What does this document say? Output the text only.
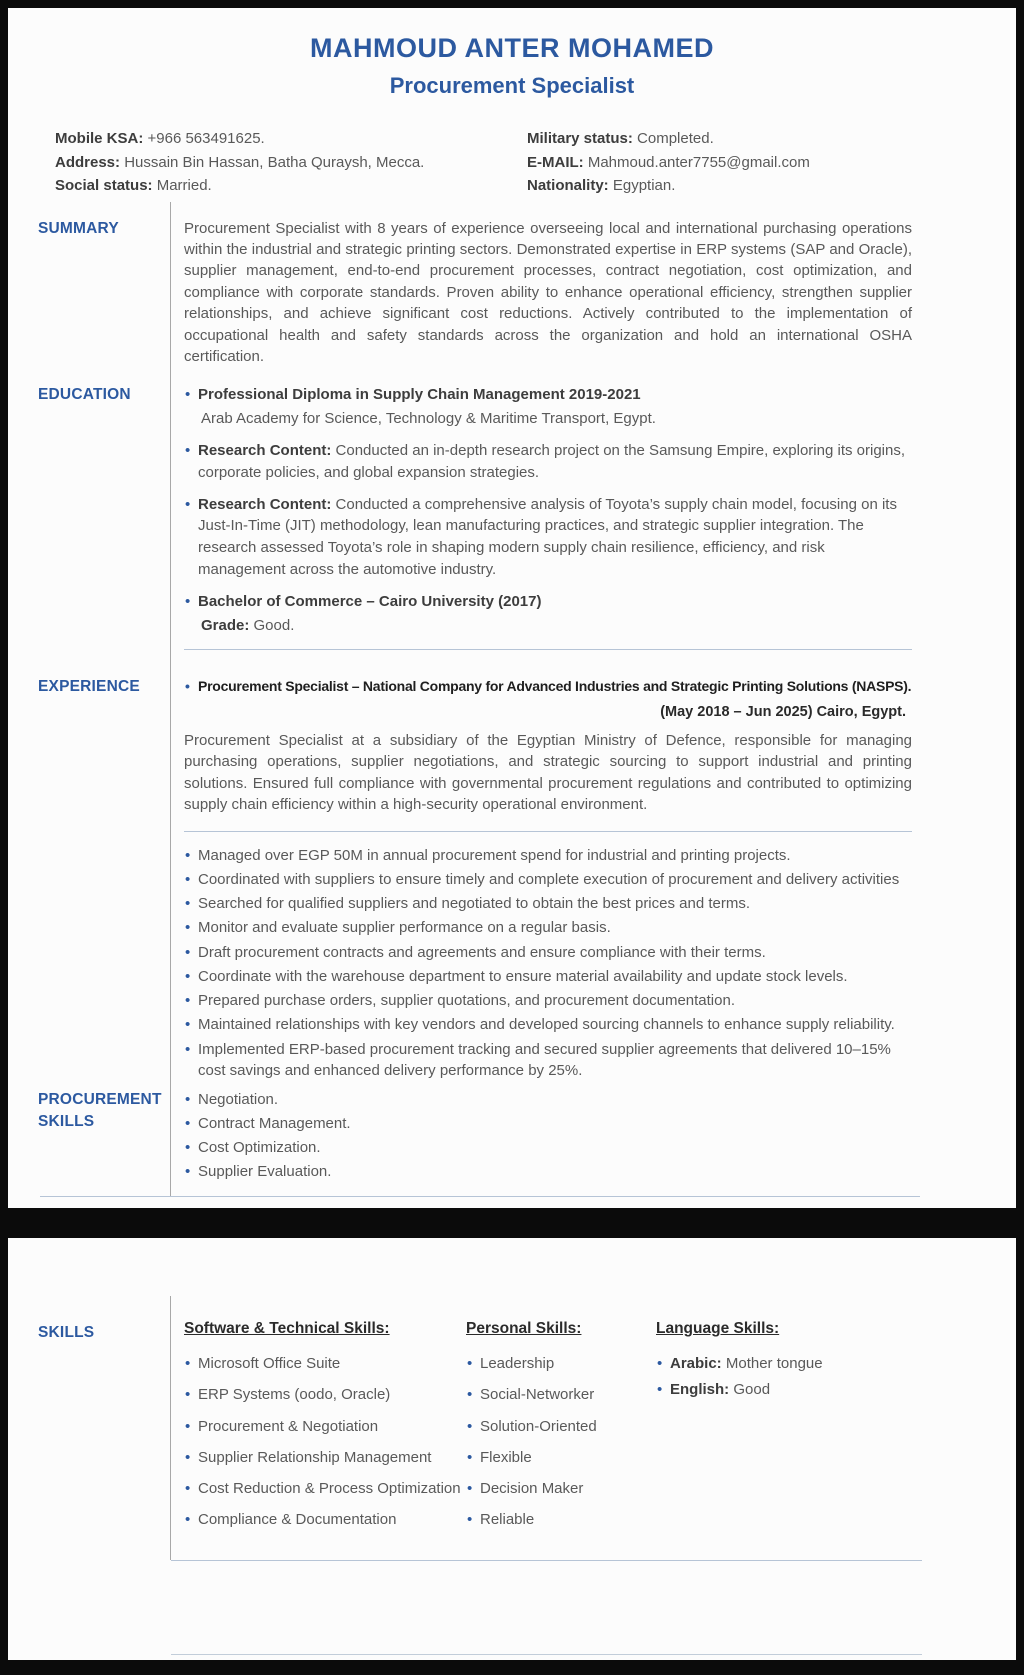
MAHMOUD ANTER MOHAMED
Procurement Specialist
Mobile KSA: +966 563491625.
Address: Hussain Bin Hassan, Batha Quraysh, Mecca.
Social status: Married.
Military status: Completed.
E-MAIL: Mahmoud.anter7755@gmail.com
Nationality: Egyptian.
SUMMARY	Procurement Specialist with 8 years of experience overseeing local and international purchasing operations within the industrial and strategic printing sectors. Demonstrated expertise in ERP systems (SAP and Oracle), supplier management, end-to-end procurement processes, contract negotiation, cost optimization, and compliance with corporate standards. Proven ability to enhance operational efficiency, strengthen supplier relationships, and achieve significant cost reductions. Actively contributed to the implementation of occupational health and safety standards across the organization and hold an international OSHA certification.

EDUCATION	• Professional Diploma in Supply Chain Management 2019-2021
Arab Academy for Science, Technology & Maritime Transport, Egypt.
• Research Content: Conducted an in-depth research project on the Samsung Empire, exploring its origins, corporate policies, and global expansion strategies.
• Research Content: Conducted a comprehensive analysis of Toyota’s supply chain model, focusing on its Just-In-Time (JIT) methodology, lean manufacturing practices, and strategic supplier integration. The research assessed Toyota’s role in shaping modern supply chain resilience, efficiency, and risk management across the automotive industry.
• Bachelor of Commerce – Cairo University (2017)
Grade: Good.
EXPERIENCE	• Procurement Specialist – National Company for Advanced Industries and Strategic Printing Solutions (NASPS).
(May 2018 – Jun 2025) Cairo, Egypt.

Procurement Specialist at a subsidiary of the Egyptian Ministry of Defence, responsible for managing purchasing operations, supplier negotiations, and strategic sourcing to support industrial and printing solutions. Ensured full compliance with governmental procurement regulations and contributed to optimizing supply chain efficiency within a high-security operational environment.

• Managed over EGP 50M in annual procurement spend for industrial and printing projects.
• Coordinated with suppliers to ensure timely and complete execution of procurement and delivery activities
• Searched for qualified suppliers and negotiated to obtain the best prices and terms.
• Monitor and evaluate supplier performance on a regular basis.
• Draft procurement contracts and agreements and ensure compliance with their terms.
• Coordinate with the warehouse department to ensure material availability and update stock levels.
• Prepared purchase orders, supplier quotations, and procurement documentation.
• Maintained relationships with key vendors and developed sourcing channels to enhance supply reliability.
• Implemented ERP-based procurement tracking and secured supplier agreements that delivered 10–15% cost savings and enhanced delivery performance by 25%.
PROCUREMENT SKILLS
• Negotiation.
• Contract Management.
• Cost Optimization.
• Supplier Evaluation.
SKILLS	Software & Technical Skills:
• Microsoft Office Suite
• ERP Systems (oodo, Oracle)
• Procurement & Negotiation
• Supplier Relationship Management
• Cost Reduction & Process Optimization
• Compliance & Documentation
Personal Skills:
• Leadership
• Social-Networker
• Solution-Oriented
• Flexible
• Decision Maker
• Reliable
Language Skills:
• Arabic: Mother tongue
• English: Good
